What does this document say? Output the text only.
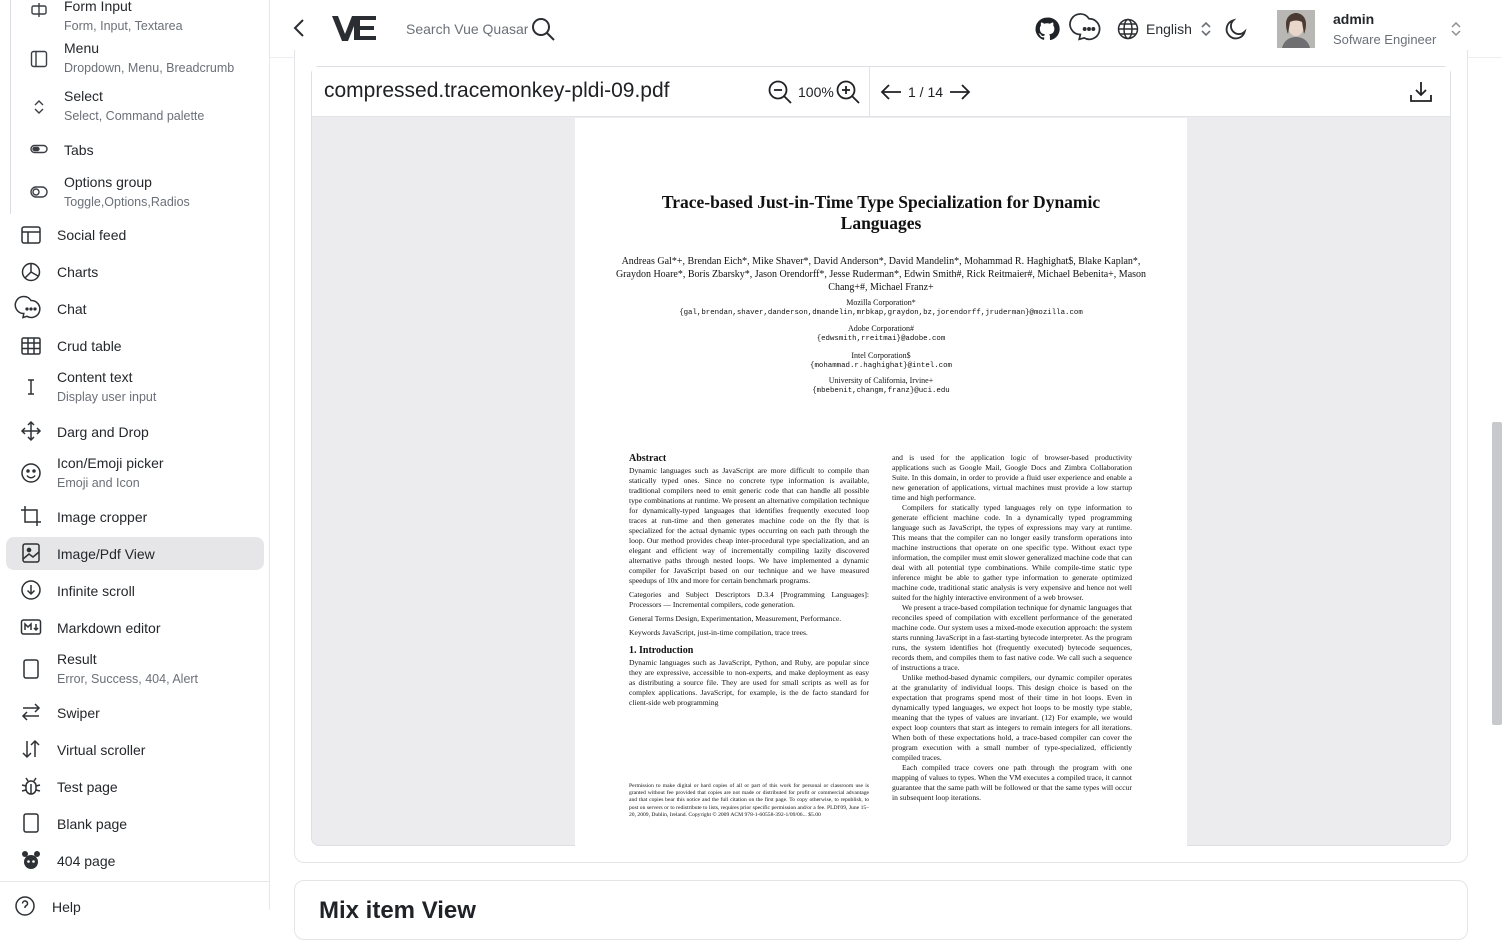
Form Input
Form, Input, Textarea
Menu
Dropdown, Menu, Breadcrumb
Select
Select, Command palette
Tabs
Options group
Toggle,Options,Radios
Social feed
Charts
Chat
Crud table
Content text
Display user input
Darg and Drop
Icon/Emoji picker
Emoji and Icon
Image cropper
Image/Pdf View
Infinite scroll
Markdown editor
Result
Error, Success, 404, Alert
Swiper
Virtual scroller
Test page
Blank page
404 page
Help
Search Vue Quasar
English
admin
Sofware Engineer
compressed.tracemonkey-pldi-09.pdf	100%	1 / 14
Trace-based Just-in-Time Type Specialization for Dynamic Languages
Andreas Gal*+, Brendan Eich*, Mike Shaver*, David Anderson*, David Mandelin*, Mohammad R. Haghighat$, Blake Kaplan*, Graydon Hoare*, Boris Zbarsky*, Jason Orendorff*, Jesse Ruderman*, Edwin Smith#, Rick Reitmaier#, Michael Bebenita+, Mason Chang+#, Michael Franz+
Mozilla Corporation*
{gal,brendan,shaver,danderson,dmandelin,mrbkap,graydon,bz,jorendorff,jruderman}@mozilla.com
Adobe Corporation#
{edwsmith,rreitmai}@adobe.com
Intel Corporation$
{mohammad.r.haghighat}@intel.com
University of California, Irvine+
{mbebenit,changm,franz}@uci.edu
Abstract
Dynamic languages such as JavaScript are more difficult to compile than statically typed ones. Since no concrete type information is available, traditional compilers need to emit generic code that can handle all possible type combinations at runtime. We present an alternative compilation technique for dynamically-typed languages that identifies frequently executed loop traces at run-time and then generates machine code on the fly that is specialized for the actual dynamic types occurring on each path through the loop. Our method provides cheap inter-procedural type specialization, and an elegant and efficient way of incrementally compiling lazily discovered alternative paths through nested loops. We have implemented a dynamic compiler for JavaScript based on our technique and we have measured speedups of 10x and more for certain benchmark programs.
Categories and Subject Descriptors D.3.4 [Programming Languages]: Processors — Incremental compilers, code generation.
General Terms Design, Experimentation, Measurement, Performance.
Keywords JavaScript, just-in-time compilation, trace trees.
1. Introduction
Dynamic languages such as JavaScript, Python, and Ruby, are popular since they are expressive, accessible to non-experts, and make deployment as easy as distributing a source file. They are used for small scripts as well as for complex applications. JavaScript, for example, is the de facto standard for client-side web programming
Permission to make digital or hard copies of all or part of this work for personal or classroom use is granted without fee provided that copies are not made or distributed for profit or commercial advantage and that copies bear this notice and the full citation on the first page. To copy otherwise, to republish, to post on servers or to redistribute to lists, requires prior specific permission and/or a fee. PLDI'09, June 15–20, 2009, Dublin, Ireland. Copyright © 2009 ACM 978-1-60558-392-1/09/06... $5.00
and is used for the application logic of browser-based productivity applications such as Google Mail, Google Docs and Zimbra Collaboration Suite. In this domain, in order to provide a fluid user experience and enable a new generation of applications, virtual machines must provide a low startup time and high performance.
Compilers for statically typed languages rely on type information to generate efficient machine code. In a dynamically typed programming language such as JavaScript, the types of expressions may vary at runtime. This means that the compiler can no longer easily transform operations into machine instructions that operate on one specific type. Without exact type information, the compiler must emit slower generalized machine code that can deal with all potential type combinations. While compile-time static type inference might be able to gather type information to generate optimized machine code, traditional static analysis is very expensive and hence not well suited for the highly interactive environment of a web browser.
We present a trace-based compilation technique for dynamic languages that reconciles speed of compilation with excellent performance of the generated machine code. Our system uses a mixed-mode execution approach: the system starts running JavaScript in a fast-starting bytecode interpreter. As the program runs, the system identifies hot (frequently executed) bytecode sequences, records them, and compiles them to fast native code. We call such a sequence of instructions a trace.
Unlike method-based dynamic compilers, our dynamic compiler operates at the granularity of individual loops. This design choice is based on the expectation that programs spend most of their time in hot loops. Even in dynamically typed languages, we expect hot loops to be mostly type stable, meaning that the types of values are invariant. (12) For example, we would expect loop counters that start as integers to remain integers for all iterations. When both of these expectations hold, a trace-based compiler can cover the program execution with a small number of type-specialized, efficiently compiled traces.
Each compiled trace covers one path through the program with one mapping of values to types. When the VM executes a compiled trace, it cannot guarantee that the same path will be followed or that the same types will occur in subsequent loop iterations.
Mix item View
